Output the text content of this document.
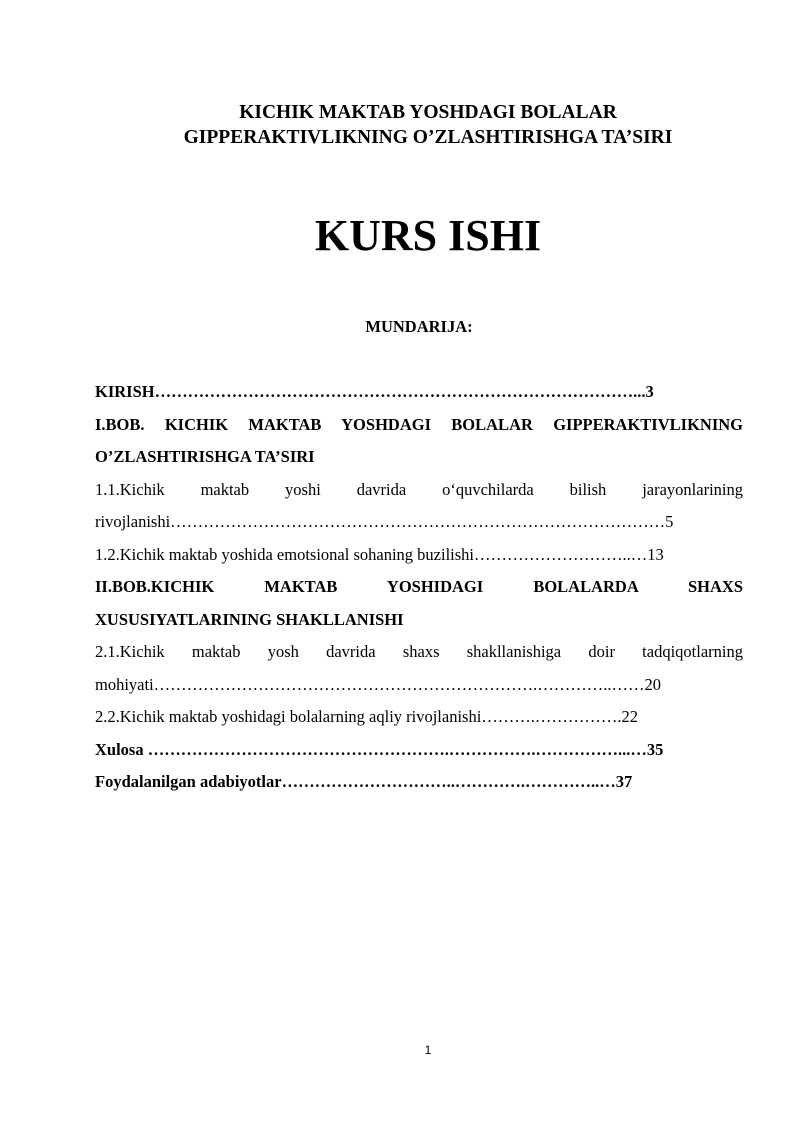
KICHIK MAKTAB YOSHDAGI BOLALAR
GIPPERAKTIVLIKNING O’ZLASHTIRISHGA TA’SIRI
KURS ISHI
MUNDARIJA:
KIRISH……………………………………………………………………………...3
I.BOB. KICHIK MAKTAB YOSHDAGI BOLALAR GIPPERAKTIVLIKNING
O’ZLASHTIRISHGA TA’SIRI
1.1.Kichik maktab yoshi davrida o‘quvchilarda bilish jarayonlarining
rivojlanishi………………………………………………………………………………5
1.2.Kichik maktab yoshida emotsional sohaning buzilishi………………………..…13
II.BOB.KICHIK MAKTAB YOSHIDAGI BOLALARDA SHAXS
XUSUSIYATLARINING SHAKLLANISHI
2.1.Kichik maktab yosh davrida shaxs shakllanishiga doir tadqiqotlarning
mohiyati…………………………………………………………….…………..……20
2.2.Kichik maktab yoshidagi bolalarning aqliy rivojlanishi……….…………….22
Xulosa ……………………………………………….…………….……………...…35
Foydalanilgan adabiyotlar…………………………..………….…………..…37
1
